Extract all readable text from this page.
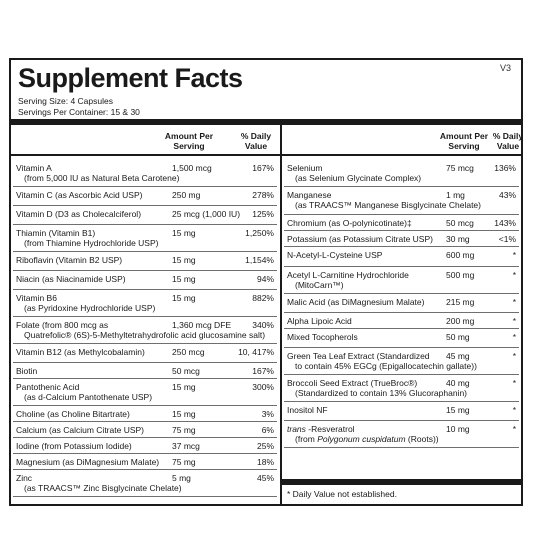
V3
Supplement Facts
Serving Size: 4 Capsules
Servings Per Container: 15 & 30
Amount Per
Serving
% Daily
Value
Amount Per
Serving
% Daily
Value
Vitamin A
(from 5,000 IU as Natural Beta Carotene)
1,500 mcg	167%
Vitamin C (as Ascorbic Acid USP)	250 mg	278%
Vitamin D (D3 as Cholecalciferol)	25 mcg (1,000 IU) 125%
Thiamin (Vitamin B1)
(from Thiamine Hydrochloride USP)
15 mg	1,250%
Riboflavin (Vitamin B2 USP)	15 mg	1,154%
Niacin (as Niacinamide USP)	15 mg	94%
Vitamin B6
(as Pyridoxine Hydrochloride USP)
15 mg	882%
Folate (from 800 mcg as
Quatrefolic® (6S)-5-Methyltetrahydrofolic acid glucosamine salt)
1,360 mcg DFE 340%
Vitamin B12 (as Methylcobalamin)	250 mcg	10, 417%
Biotin	50 mcg	167%
Pantothenic Acid
(as d-Calcium Pantothenate USP)
15 mg	300%
Choline (as Choline Bitartrate)	15 mg	3%
Calcium (as Calcium Citrate USP)	75 mg	6%
Iodine (from Potassium Iodide)	37 mcg	25%
Magnesium (as DiMagnesium Malate) 75 mg	18%
Zinc
(as TRAACS™ Zinc Bisglycinate Chelate)
5 mg	45%
Selenium
(as Selenium Glycinate Complex)
75 mcg 136%
Manganese
(as TRAACS™ Manganese Bisglycinate Chelate)
1 mg	43%
Chromium (as O-polynicotinate)‡	50 mcg 143%
Potassium (as Potassium Citrate USP) 30 mg	<1%
N-Acetyl-L-Cysteine USP	600 mg	*
Acetyl L-Carnitine Hydrochloride
(MitoCarn™)
500 mg	*
Malic Acid (as DiMagnesium Malate)	215 mg	*
Alpha Lipoic Acid	200 mg	*
Mixed Tocopherols	50 mg	*
Green Tea Leaf Extract (Standardized
to contain 45% EGCg (Epigallocatechin gallate))
45 mg	*
Broccoli Seed Extract (TrueBroc®)
(Standardized to contain 13% Glucoraphanin)
40 mg	*
Inositol NF	15 mg	*
trans -Resveratrol
(from Polygonum cuspidatum (Roots))
10 mg	*
* Daily Value not established.
